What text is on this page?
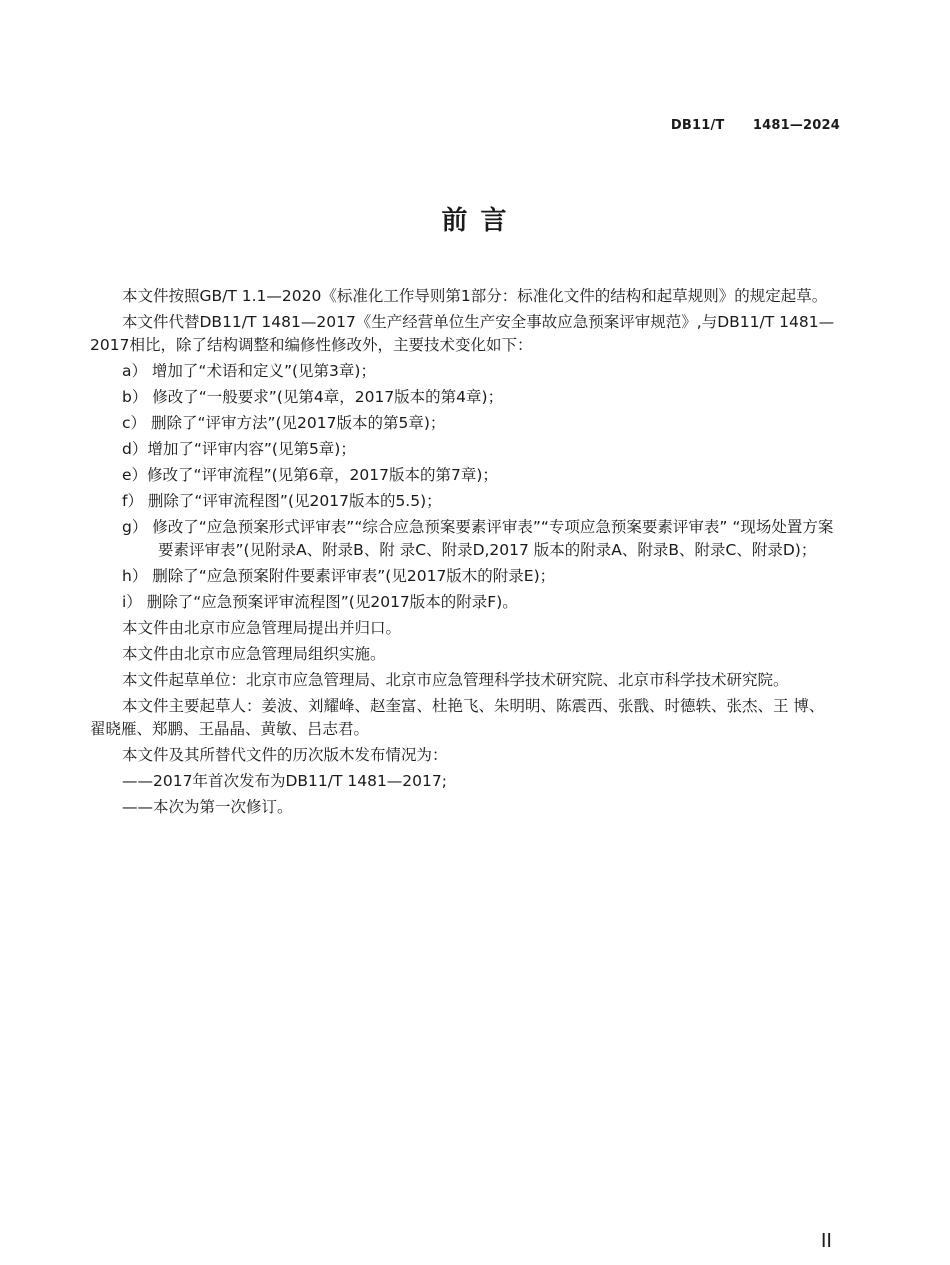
DB11/T      1481—2024
前 言

本文件按照GB/T 1.1—2020《标准化工作导则第1部分：标准化文件的结构和起草规则》的规定起草。

本文件代替DB11/T 1481—2017《生产经营单位生产安全事故应急预案评审规范》,与DB11/T 1481—2017相比，除了结构调整和编修性修改外，主要技术变化如下：

a） 增加了“术语和定义”(见第3章)；

b） 修改了“一般要求”(见第4章，2017版本的第4章)；

c） 删除了“评审方法”(见2017版本的第5章)；

d）增加了“评审内容”(见第5章)；

e）修改了“评审流程”(见第6章，2017版本的第7章)；

f） 删除了“评审流程图”(见2017版本的5.5)；

g） 修改了“应急预案形式评审表”“综合应急预案要素评审表”“专项应急预案要素评审表” “现场处置方案要素评审表”(见附录A、附录B、附 录C、附录D,2017 版本的附录A、附录B、附录C、附录D)；

h） 删除了“应急预案附件要素评审表”(见2017版木的附录E)；

i） 删除了“应急预案评审流程图”(见2017版本的附录F)。

本文件由北京市应急管理局提出并归口。

本文件由北京市应急管理局组织实施。

本文件起草单位：北京市应急管理局、北京市应急管理科学技术研究院、北京市科学技术研究院。

本文件主要起草人：姜波、刘耀峰、赵奎富、杜艳飞、朱明明、陈震西、张戬、时德轶、张杰、王 博、翟晓雁、郑鹏、王晶晶、黄敏、吕志君。

本文件及其所替代文件的历次版木发布情况为：

——2017年首次发布为DB11/T 1481—2017;

——本次为第一次修订。

II
